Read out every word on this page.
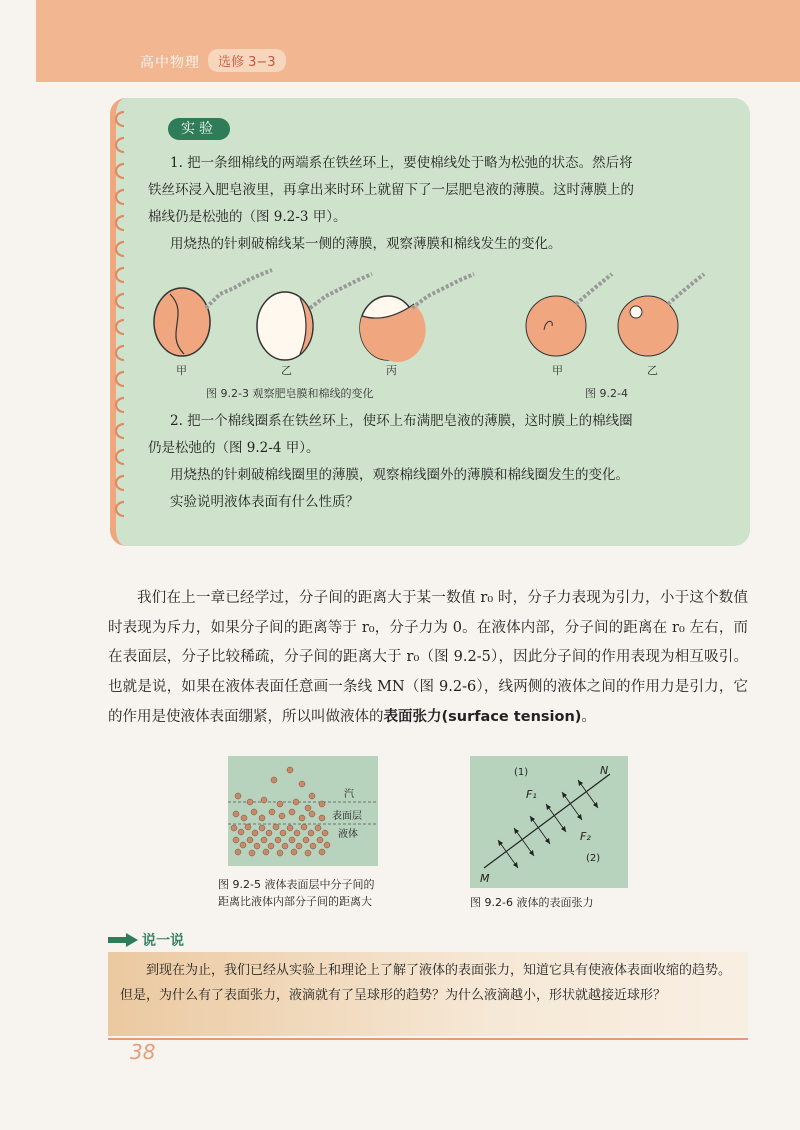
高中物理	选修 3−3
实验
1. 把一条细棉线的两端系在铁丝环上，要使棉线处于略为松弛的状态。然后将
铁丝环浸入肥皂液里，再拿出来时环上就留下了一层肥皂液的薄膜。这时薄膜上的
棉线仍是松弛的（图 9.2-3 甲）。
用烧热的针刺破棉线某一侧的薄膜，观察薄膜和棉线发生的变化。
甲	乙	丙	甲	乙
图 9.2-3 观察肥皂膜和棉线的变化	图 9.2-4
2. 把一个棉线圈系在铁丝环上，使环上布满肥皂液的薄膜，这时膜上的棉线圈
仍是松弛的（图 9.2-4 甲）。
用烧热的针刺破棉线圈里的薄膜，观察棉线圈外的薄膜和棉线圈发生的变化。
实验说明液体表面有什么性质？

我们在上一章已经学过，分子间的距离大于某一数值 r₀ 时，分子力表现为引力，小于这个数值时表现为斥力，如果分子间的距离等于 r₀，分子力为 0。在液体内部，分子间的距离在 r₀ 左右，而在表面层，分子比较稀疏，分子间的距离大于 r₀（图 9.2-5），因此分子间的作用表现为相互吸引。也就是说，如果在液体表面任意画一条线 MN（图 9.2-6），线两侧的液体之间的作用力是引力，它的作用是使液体表面绷紧，所以叫做液体的表面张力(surface tension)。

汽
表面层
液体
图 9.2-5 液体表面层中分子间的
距离比液体内部分子间的距离大
(1)	N
F₁
F₂
(2)
M
图 9.2-6 液体的表面张力
说一说
到现在为止，我们已经从实验上和理论上了解了液体的表面张力，知道它具有使液体表面收缩的趋势。但是，为什么有了表面张力，液滴就有了呈球形的趋势？为什么液滴越小，形状就越接近球形？
38
